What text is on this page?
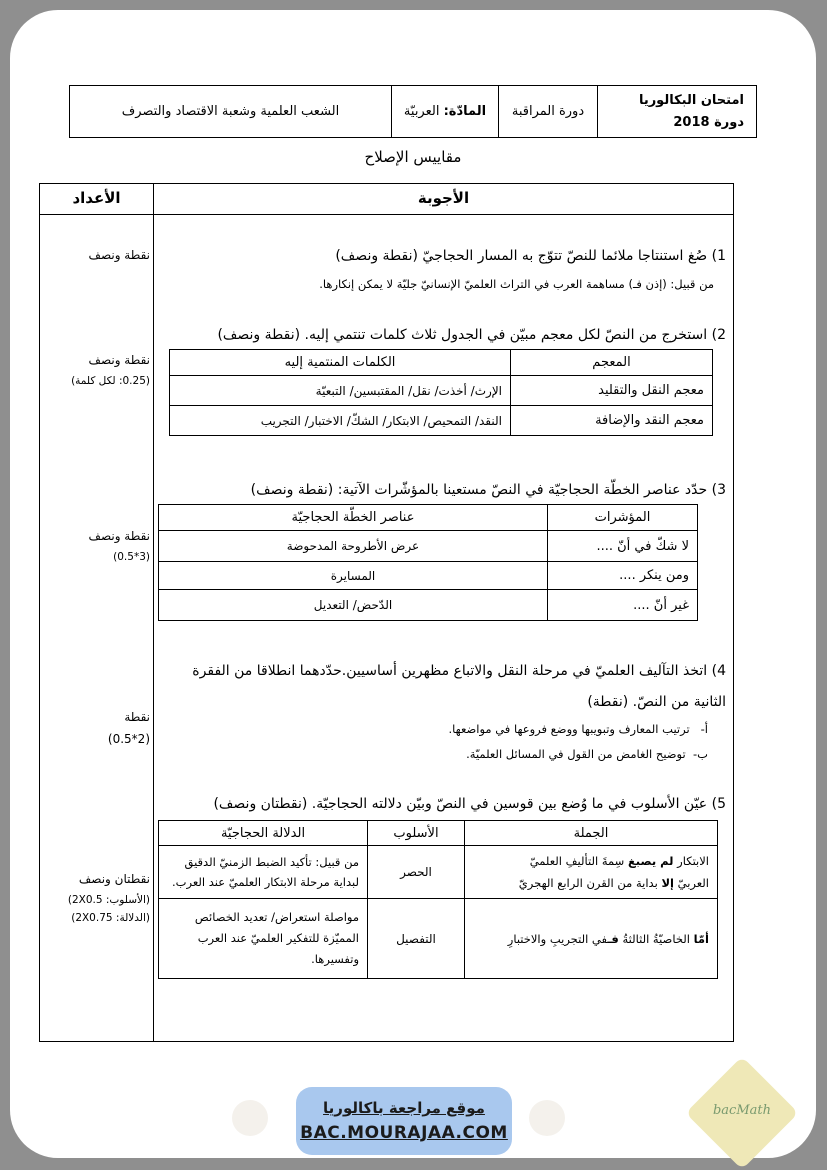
امتحان البكالوريا
دورة 2018
	دورة المراقبة	المادّة: العربيّة	الشعب العلمية وشعبة الاقتصاد والتصرف
مقاييس الإصلاح
الأعداد	الأجوبة
1) صُغ استنتاجا ملائما للنصّ تتوّج به المسار الحجاجيّ (نقطة ونصف)
من قبيل: (إذن فـ) مساهمة العرب في التراث العلميّ الإنسانيّ جليّة لا يمكن إنكارها.
نقطة ونصف
2) استخرج من النصّ لكل معجم مبيّن في الجدول ثلاث كلمات تنتمي إليه. (نقطة ونصف)
المعجم	الكلمات المنتمية إليه
معجم النقل والتقليد	الإرث/ أخذت/ نقل/ المقتبسين/ التبعيّة
معجم النقد والإضافة	النقد/ التمحيص/ الابتكار/ الشكّ/ الاختبار/ التجريب
نقطة ونصف
(0.25: لكل كلمة)
3) حدّد عناصر الخطّة الحجاجيّة في النصّ مستعينا بالمؤشّرات الآتية: (نقطة ونصف)
المؤشرات	عناصر الخطّة الحجاجيّة
لا شكّ في أنّ ....	عرض الأطروحة المدحوضة
ومن ينكر ....	المسايرة
غير أنّ ....	الدّحض/ التعديل
نقطة ونصف
(3*0.5)
4) اتخذ التآليف العلميّ في مرحلة النقل والاتباع مظهرين أساسيين.حدّدهما انطلاقا من الفقرة
الثانية من النصّ. (نقطة)
أ-   ترتيب المعارف وتبويبها ووضع فروعها في مواضعها.
ب-  توضيح الغامض من القول في المسائل العلميّة.
نقطة
(2*0.5)
5) عيّن الأسلوب في ما وُضع بين قوسين في النصّ وبيّن دلالته الحجاجيّة. (نقطتان ونصف)
الجملة	الأسلوب	الدلالة الحجاجيّة
الابتكار لم يصبغ سِمةَ التأليفِ العلميّ
العربيّ إلا بداية من القرن الرابع الهجريّ	الحصر	من قبيل: تأكيد الضبط الزمنيّ الدقيق لبداية مرحلة الابتكار العلميّ عند العرب.
أمّا الخاصيّةُ الثالثةُ فـفي التجريبِ والاختبارِ	التفصيل	مواصلة استعراض/ تعديد الخصائص المميّزة للتفكير العلميّ عند العرب وتفسيرها.
نقطتان ونصف
(الأسلوب: 2X0.5)
(الدلالة: 2X0.75)
موقع مراجعة باكالوريا
BAC.MOURAJAA.COM
bacMath
